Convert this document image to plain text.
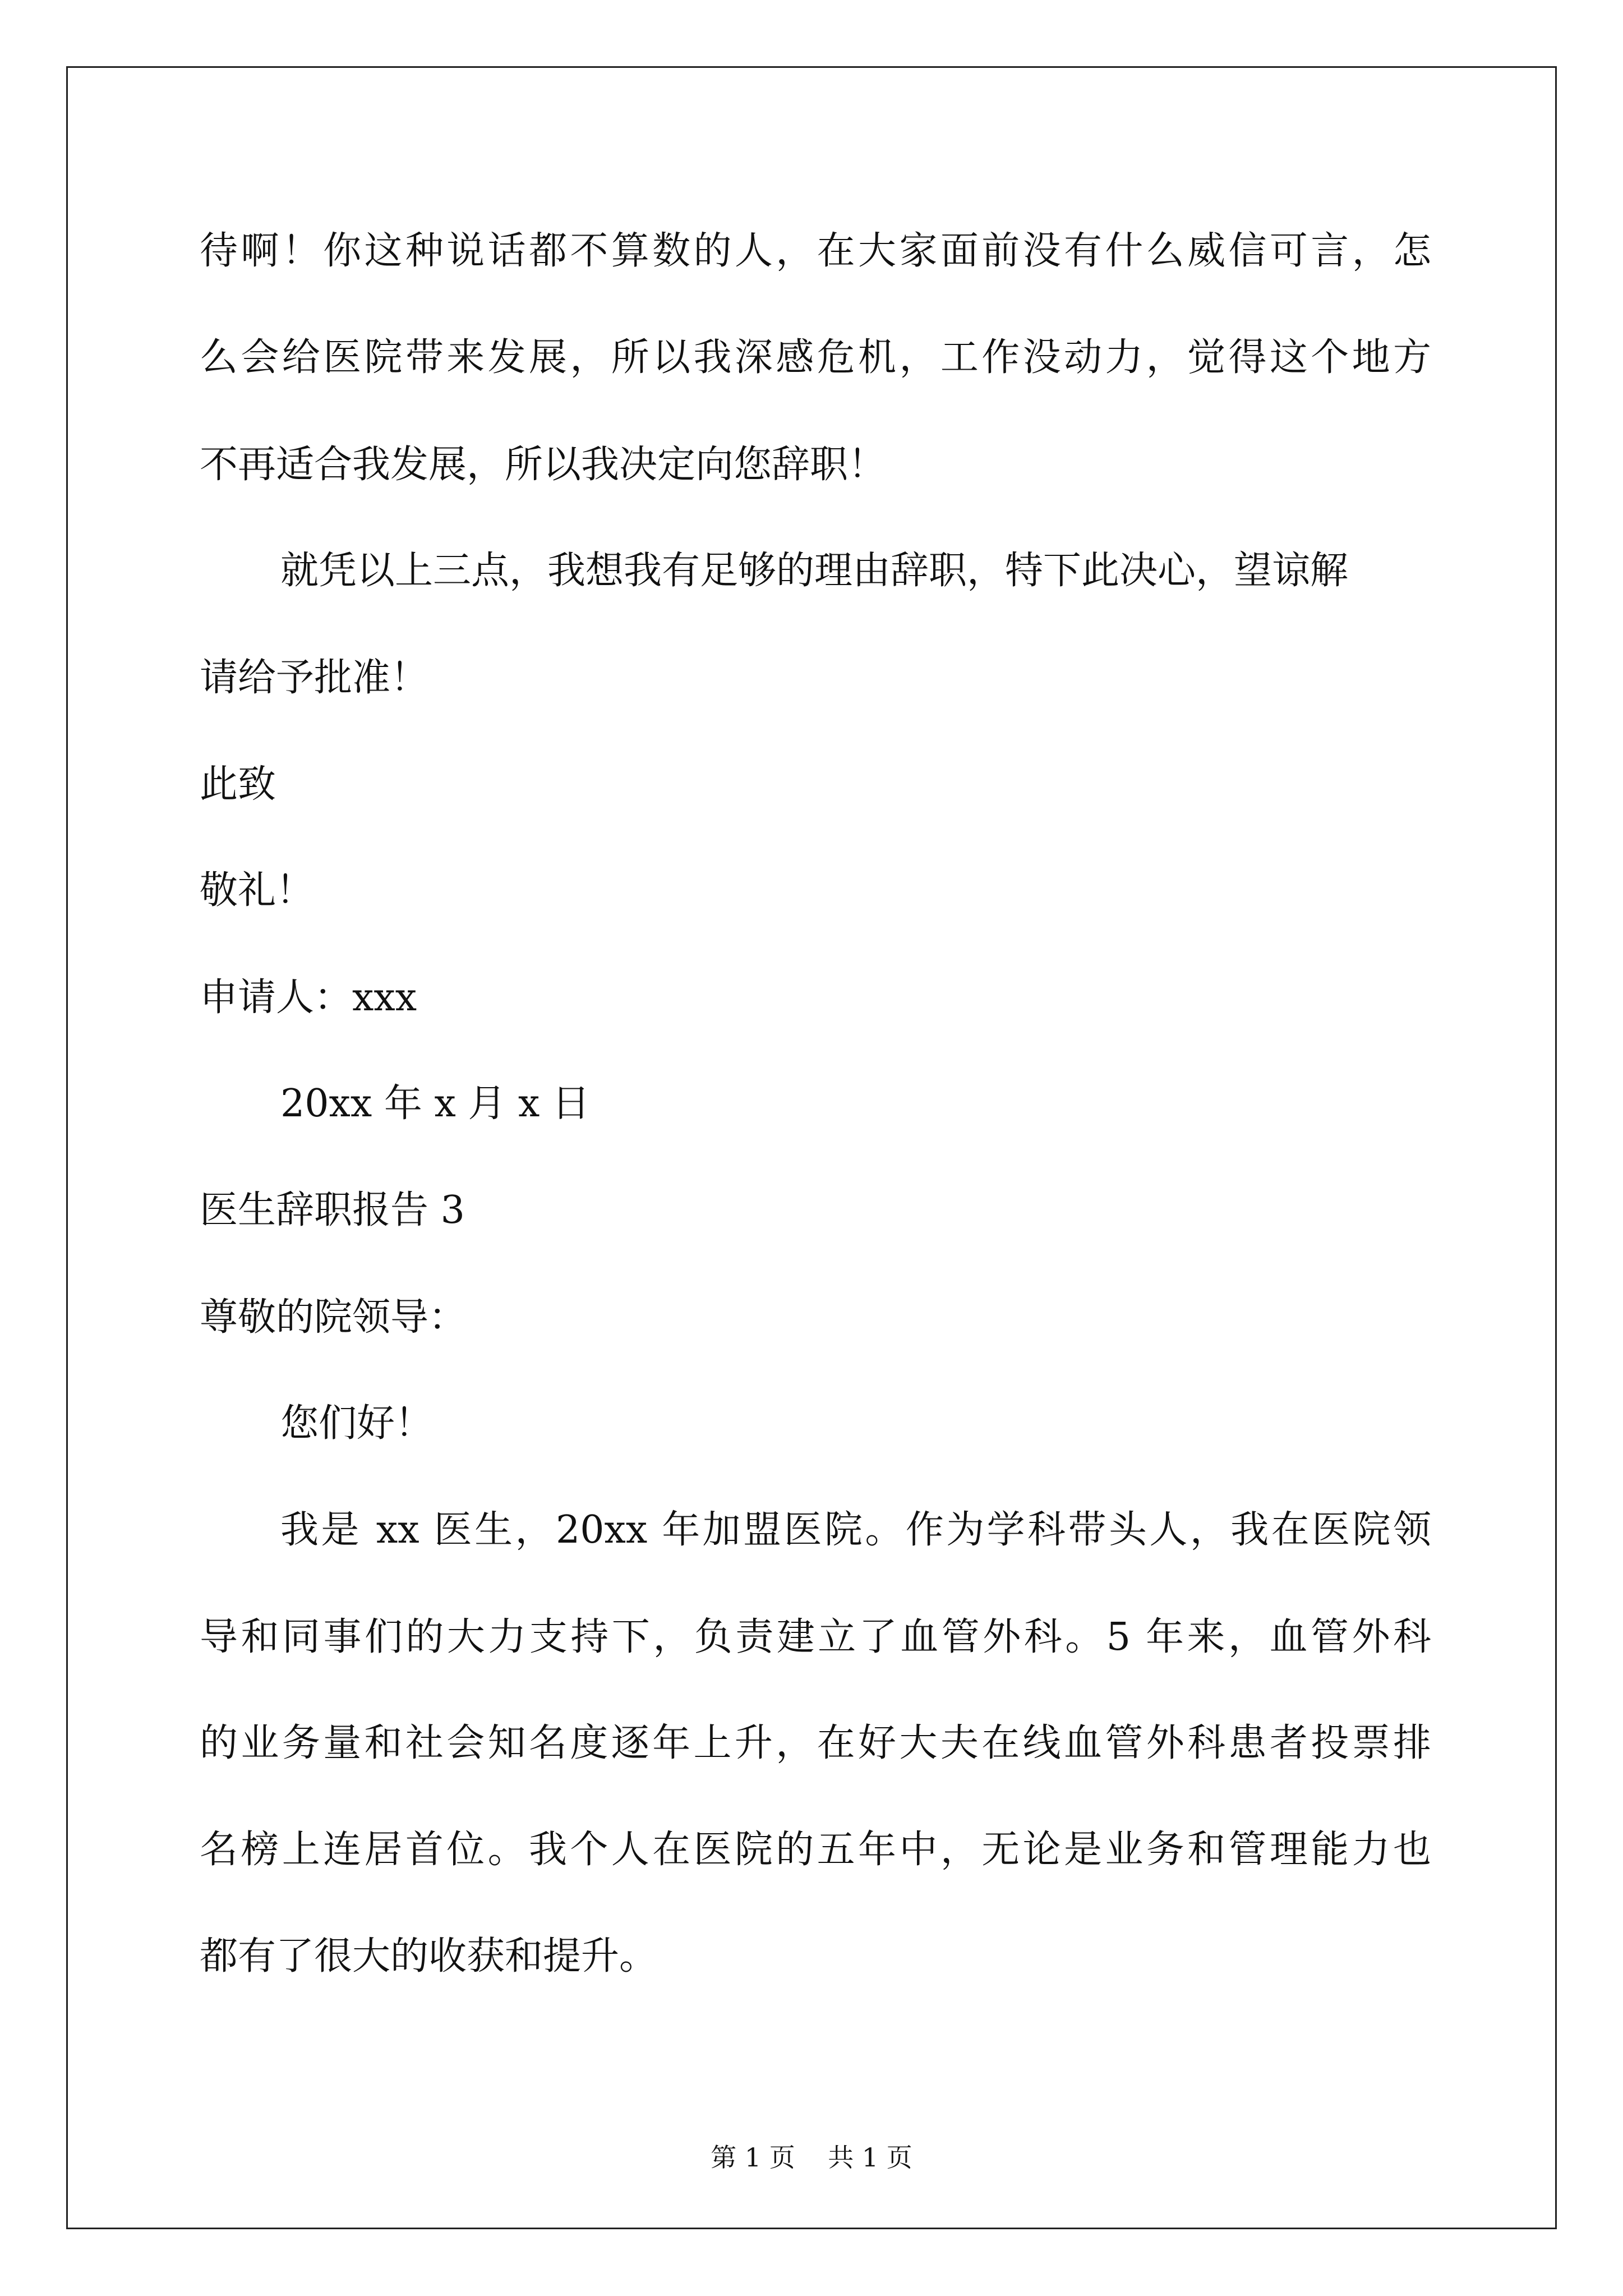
待啊！你这种说话都不算数的人，在大家面前没有什么威信可言，怎

么会给医院带来发展，所以我深感危机，工作没动力，觉得这个地方

不再适合我发展，所以我决定向您辞职！

就凭以上三点，我想我有足够的理由辞职，特下此决心，望谅解

请给予批准！

此致

敬礼！

申请人：xxx

20xx 年 x 月 x 日

医生辞职报告 3

尊敬的院领导：

您们好！

我是 xx 医生，20xx 年加盟医院。作为学科带头人，我在医院领

导和同事们的大力支持下，负责建立了血管外科。5 年来，血管外科

的业务量和社会知名度逐年上升，在好大夫在线血管外科患者投票排

名榜上连居首位。我个人在医院的五年中，无论是业务和管理能力也

都有了很大的收获和提升。

第 1 页    共 1 页
